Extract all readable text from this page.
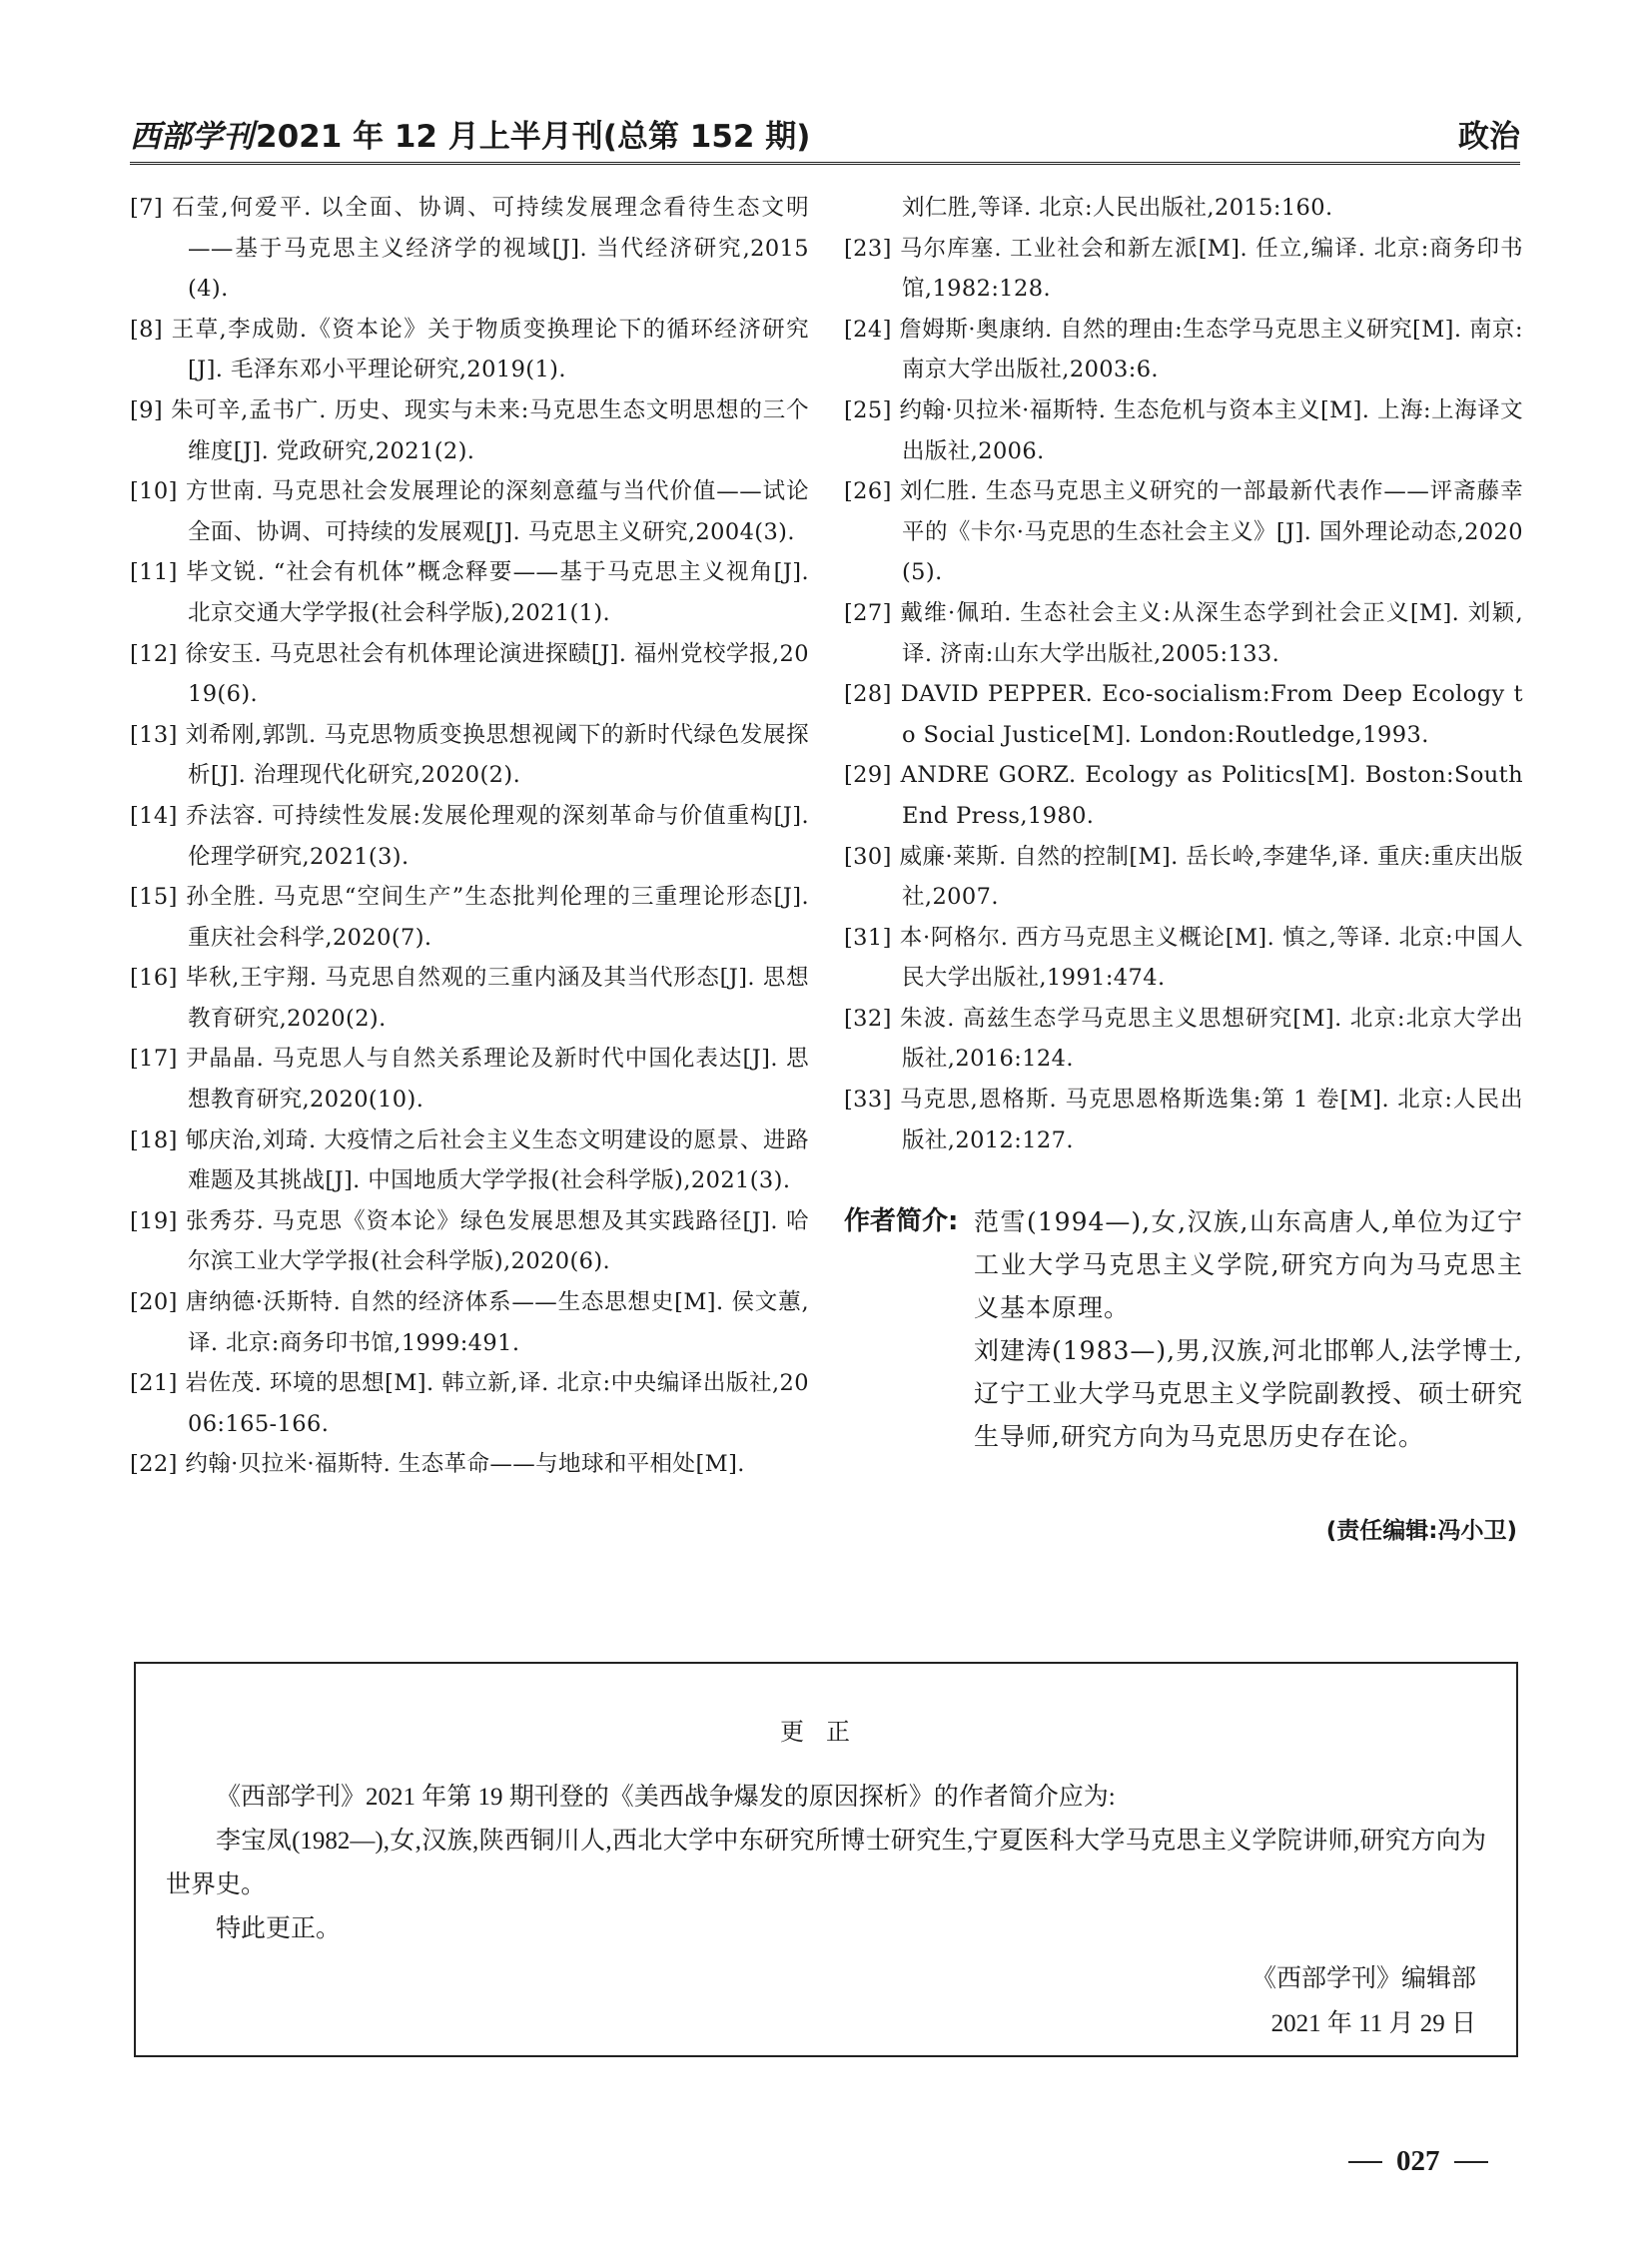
西部学刊2021 年 12 月上半月刊(总第 152 期)	政治
[7] 石莹,何爱平. 以全面、协调、可持续发展理念看待生态文明——基于马克思主义经济学的视域[J]. 当代经济研究,2015(4).
[8] 王草,李成勋.《资本论》关于物质变换理论下的循环经济研究[J]. 毛泽东邓小平理论研究,2019(1).
[9] 朱可辛,孟书广. 历史、现实与未来:马克思生态文明思想的三个维度[J]. 党政研究,2021(2).
[10] 方世南. 马克思社会发展理论的深刻意蕴与当代价值——试论全面、协调、可持续的发展观[J]. 马克思主义研究,2004(3).
[11] 毕文锐. “社会有机体”概念释要——基于马克思主义视角[J]. 北京交通大学学报(社会科学版),2021(1).
[12] 徐安玉. 马克思社会有机体理论演进探赜[J]. 福州党校学报,2019(6).
[13] 刘希刚,郭凯. 马克思物质变换思想视阈下的新时代绿色发展探析[J]. 治理现代化研究,2020(2).
[14] 乔法容. 可持续性发展:发展伦理观的深刻革命与价值重构[J]. 伦理学研究,2021(3).
[15] 孙全胜. 马克思“空间生产”生态批判伦理的三重理论形态[J]. 重庆社会科学,2020(7).
[16] 毕秋,王宇翔. 马克思自然观的三重内涵及其当代形态[J]. 思想教育研究,2020(2).
[17] 尹晶晶. 马克思人与自然关系理论及新时代中国化表达[J]. 思想教育研究,2020(10).
[18] 郇庆治,刘琦. 大疫情之后社会主义生态文明建设的愿景、进路难题及其挑战[J]. 中国地质大学学报(社会科学版),2021(3).
[19] 张秀芬. 马克思《资本论》绿色发展思想及其实践路径[J]. 哈尔滨工业大学学报(社会科学版),2020(6).
[20] 唐纳德·沃斯特. 自然的经济体系——生态思想史[M]. 侯文蕙,译. 北京:商务印书馆,1999:491.
[21] 岩佐茂. 环境的思想[M]. 韩立新,译. 北京:中央编译出版社,2006:165-166.
[22] 约翰·贝拉米·福斯特. 生态革命——与地球和平相处[M].
刘仁胜,等译. 北京:人民出版社,2015:160.
[23] 马尔库塞. 工业社会和新左派[M]. 任立,编译. 北京:商务印书馆,1982:128.
[24] 詹姆斯·奥康纳. 自然的理由:生态学马克思主义研究[M]. 南京:南京大学出版社,2003:6.
[25] 约翰·贝拉米·福斯特. 生态危机与资本主义[M]. 上海:上海译文出版社,2006.
[26] 刘仁胜. 生态马克思主义研究的一部最新代表作——评斋藤幸平的《卡尔·马克思的生态社会主义》[J]. 国外理论动态,2020(5).
[27] 戴维·佩珀. 生态社会主义:从深生态学到社会正义[M]. 刘颖,译. 济南:山东大学出版社,2005:133.
[28] DAVID PEPPER. Eco-socialism:From Deep Ecology to Social Justice[M]. London:Routledge,1993.
[29] ANDRE GORZ. Ecology as Politics[M]. Boston:South End Press,1980.
[30] 威廉·莱斯. 自然的控制[M]. 岳长岭,李建华,译. 重庆:重庆出版社,2007.
[31] 本·阿格尔. 西方马克思主义概论[M]. 慎之,等译. 北京:中国人民大学出版社,1991:474.
[32] 朱波. 高兹生态学马克思主义思想研究[M]. 北京:北京大学出版社,2016:124.
[33] 马克思,恩格斯. 马克思恩格斯选集:第 1 卷[M]. 北京:人民出版社,2012:127.
作者简介: 范雪(1994—),女,汉族,山东高唐人,单位为辽宁工业大学马克思主义学院,研究方向为马克思主义基本原理。
刘建涛(1983—),男,汉族,河北邯郸人,法学博士,辽宁工业大学马克思主义学院副教授、硕士研究生导师,研究方向为马克思历史存在论。
(责任编辑:冯小卫)
更正
《西部学刊》2021 年第 19 期刊登的《美西战争爆发的原因探析》的作者简介应为:
李宝凤(1982—),女,汉族,陕西铜川人,西北大学中东研究所博士研究生,宁夏医科大学马克思主义学院讲师,研究方向为世界史。
特此更正。
《西部学刊》编辑部
2021 年 11 月 29 日
027
